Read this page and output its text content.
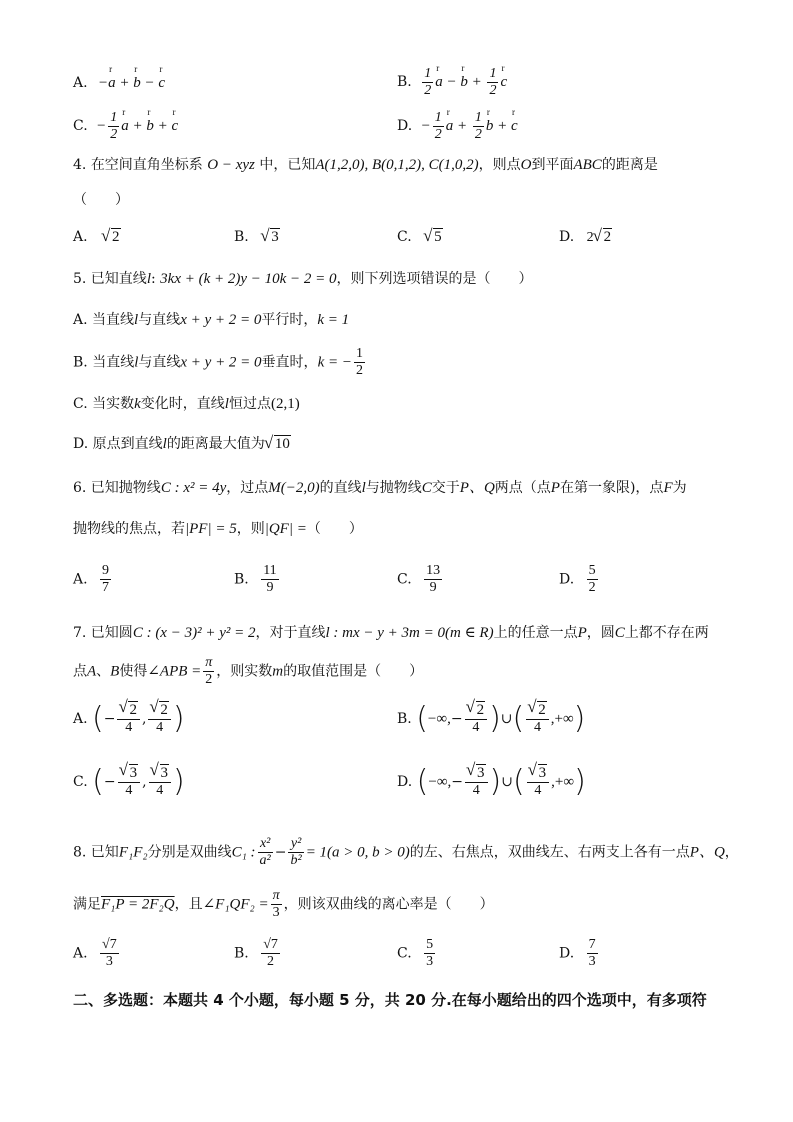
A. −r a + r b − r c	B. $\frac{1}{2}$ r a − r $b + \frac{1}{2}$ r c
C. − $\frac{1}{2}$ r a + r b + r c	D. − $\frac{1}{2}$ r $a + \frac{1}{2}$ r b + r c
4. 在空间直角坐标系 O − xyz 中，已知A(1,2,0), B(0,1,2), C(1,0,2)，则点O到平面ABC的距离是
（　　）
A. √ 2	B. √ 3	C. √ 5	D. 2 √ 2
5. 已知直线l: 3kx + (k + 2)y − 10k − 2 = 0，则下列选项错误的是（　　）
A. 当直线l与直线x + y + 2 = 0平行时，k = 1
B. 当直线l与直线x + y + 2 = 0垂直时，k = − $\frac{1}{2}$
C. 当实数k变化时，直线l恒过点(2,1)
D. 原点到直线l的距离最大值为 √ 10
6. 已知抛物线C : x² = 4y，过点M(−2,0)的直线l与抛物线C交于P、Q两点（点P在第一象限)，点F为
抛物线的焦点，若|PF| = 5，则|QF| =（　　）
A. $\frac{9}{7}$	B. $\frac{11}{9}$	C. $\frac{13}{9}$	D. $\frac{5}{2}$
7. 已知圆C : (x − 3)² + y² = 2，对于直线l : mx − y + 3m = 0(m ∈ R)上的任意一点P，圆C上都不存在两
点A、B使得∠APB = $\frac{\pi}{2}$ ，则实数m的取值范围是（　　）
A. (− √ $\frac{2}{4}$ , √ $\frac{2}{4}$ )	B. (−∞,− √ $\frac{2}{4}$ )∪( √ $\frac{2}{4}$ ,+∞)
C. (− √ $\frac{3}{4}$ , √ $\frac{3}{4}$ )	D. (−∞,− √ $\frac{3}{4}$ )∪( √ $\frac{3}{4}$ ,+∞)
8. 已知F₁F₂分别是双曲线C₁ : $\frac{\text{x²}}{\text{a²}} - \frac{\text{y²}}{\text{b²}} = 1(a > 0$, b > 0)的左、右焦点，双曲线左、右两支上各有一点P、Q，
满足F₁P = 2F₂Q，且∠F₁QF₂ = $\frac{\pi}{3}$ ，则该双曲线的离心率是（　　）
A. $\frac{√7}{3}$	B. $\frac{√7}{2}$	C. $\frac{5}{3}$	D. $\frac{7}{3}$
二、多选题：本题共 4 个小题，每小题 5 分，共 20 分.在每小题给出的四个选项中，有多项符
